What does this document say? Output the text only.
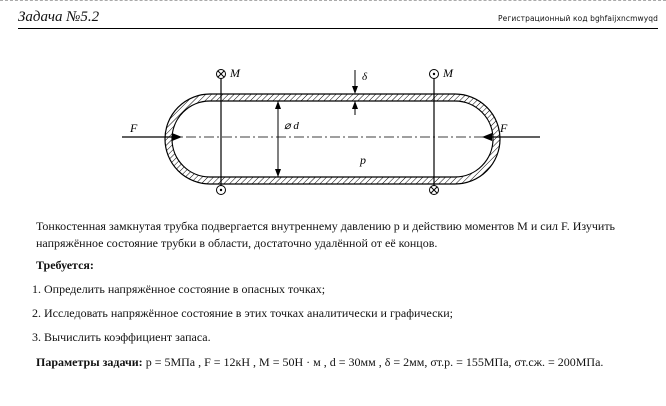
Задача №5.2	Регистрационный код bghfaijxncmwyqd
M	M
F	F
δ
⌀ d
p
Тонкостенная замкнутая трубка подвергается внутреннему давлению p и действию моментов M и сил F. Изучить напряжённое состояние трубки в области, достаточно удалённой от её концов.
Требуется:
1. Определить напряжённое состояние в опасных точках;
2. Исследовать напряжённое состояние в этих точках аналитически и графически;
3. Вычислить коэффициент запаса.
Параметры задачи: p = 5МПа , F = 12кН , M = 50Н · м , d = 30мм , δ = 2мм, σт.р. = 155МПа, σт.сж. = 200МПа.
